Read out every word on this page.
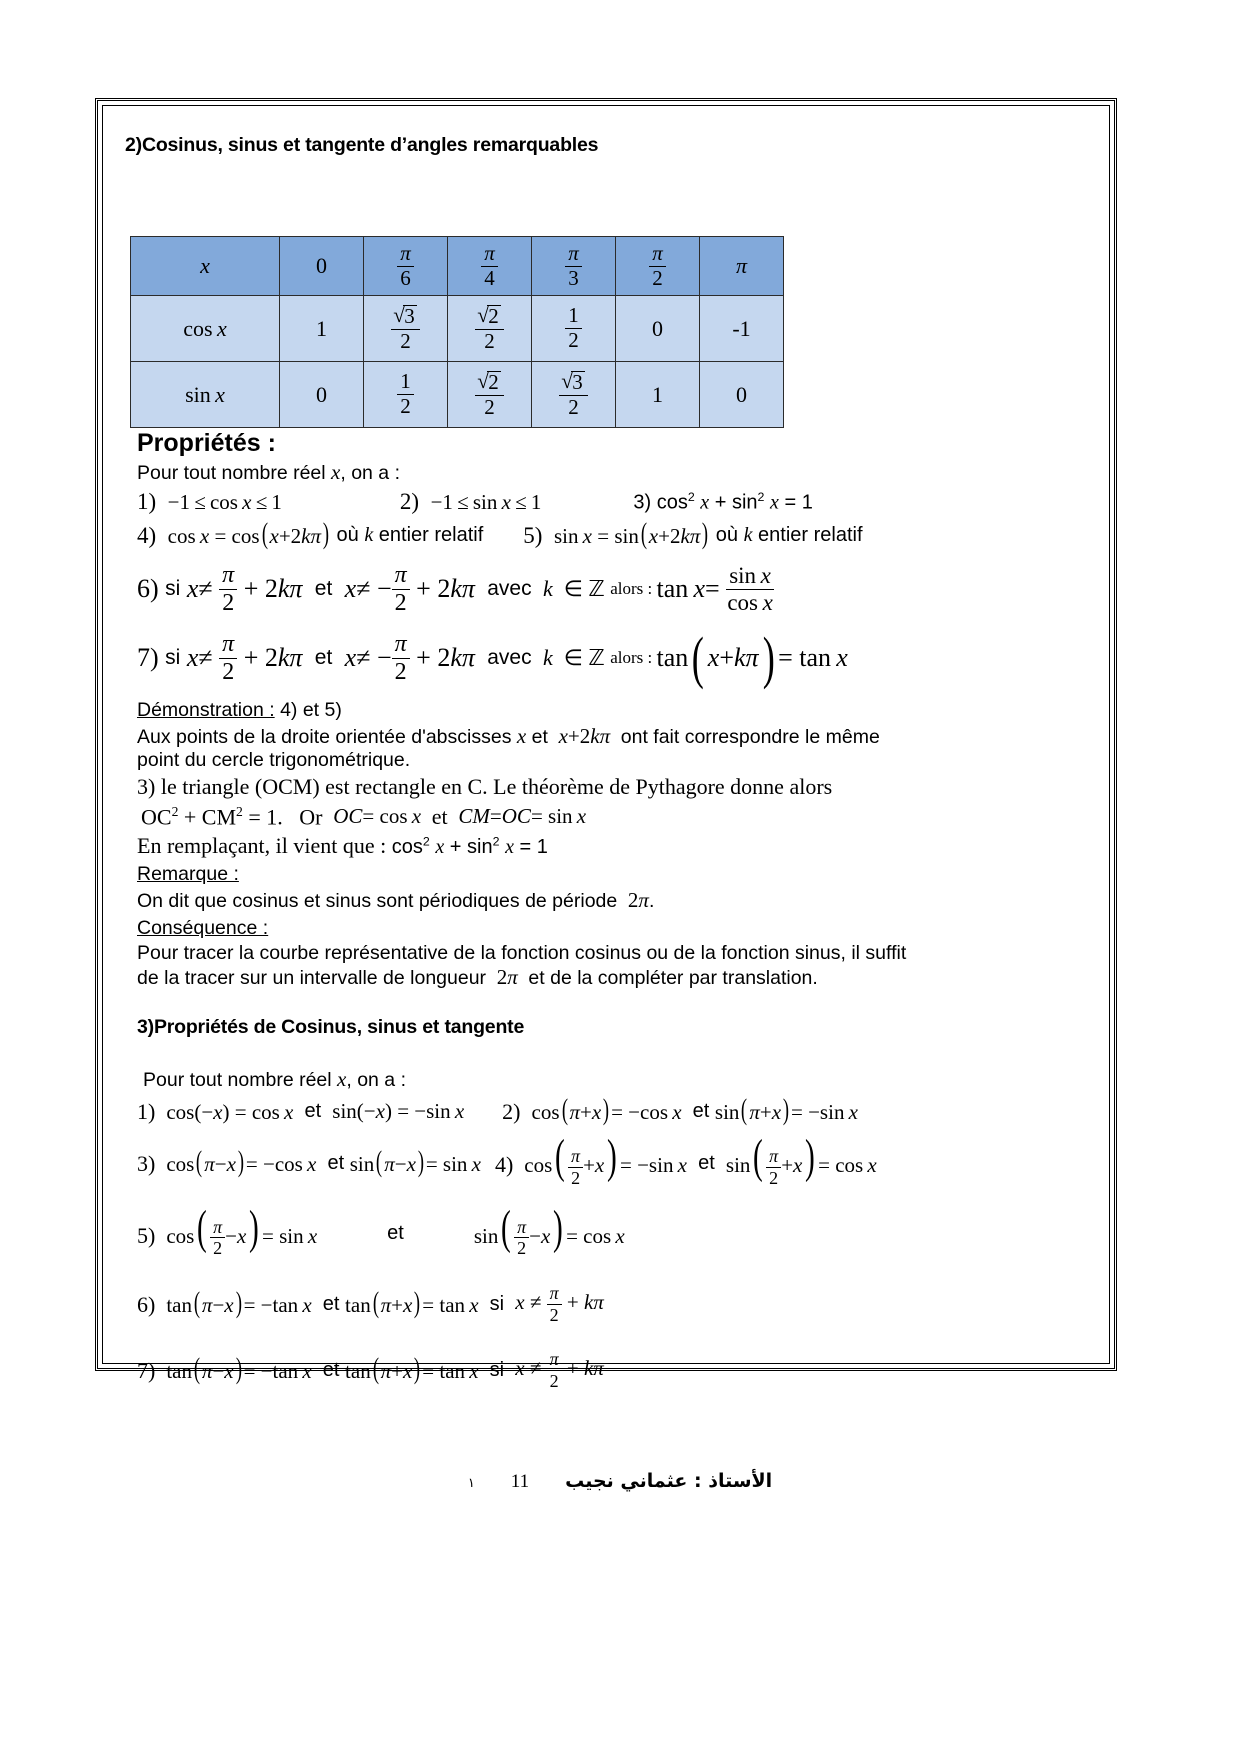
2)Cosinus, sinus et tangente d’angles remarquables
x	0	$\frac{\pi}{6}$	$\frac{\pi}{4}$	$\frac{\pi}{3}$	$\frac{\pi}{2}$	π
cos  x	1	√ $\frac{3}{2}$	√ $\frac{2}{2}$	$\frac{1}{2}$	0	-1
sin  x	0	$\frac{1}{2}$	√ $\frac{2}{2}$	√ $\frac{3}{2}$	1	0
Propriétés :
Pour tout nombre réel x, on a :
1) −1 ≤ cos x ≤ 1	2) −1 ≤ sin x ≤ 1	3) $\cos^2 x + \sin^2 x = 1$
4) cos x = cos(x+2kπ) où k entier relatif 5) sin x = sin(x+2kπ) où k entier relatif
6) si
$x \ne \frac{\pi}{2} + 2$ k π
et
x ≠ − $\frac{\pi}{2} + 2$ k π
avec k  ∈ ℤ alors : $\tan x = \frac{\text{sin x}}{\text{cos x}}$
7) si
$x \ne \frac{\pi}{2} + 2$ k π
et
x ≠ − $\frac{\pi}{2} + 2$ k π
avec k  ∈ ℤ alors : tan ( x + k π ) = tan  x
Démonstration : 4) et 5)
Aux points de la droite orientée d'abscisses x et x +2 k π ont fait correspondre le même
point du cercle trigonométrique.
3) le triangle (OCM) est rectangle en C. Le théorème de Pythagore donne alors
$OC^2 + CM^2 = 1$.   Or
OC = cos  x
et
CM = OC = sin  x
En remplaçant, il vient que : $\cos^2 x + \sin^2 x = 1$
Remarque :
On dit que cosinus et sinus sont périodiques de période  2 π .
Conséquence :
Pour tracer la courbe représentative de la fonction cosinus ou de la fonction sinus, il suffit
de la tracer sur un intervalle de longueur  2 π et de la compléter par translation.
3)Propriétés de Cosinus, sinus et tangente
Pour tout nombre réel x, on a :
1)  cos(−x) = cos x et sin(−x) = −sin x 2)  cos(π+x)= −cos x et sin(π+x)= −sin x
3)  cos(π−x)= −cos x et sin(π−x)= sin x 4)  $\cos( \frac{\pi}{2} +x) = -\sin$ x et $\sin( \frac{\pi}{2} +x) = \cos x$
5)  $\cos( \frac{\pi}{2} -x) = \sin x$	et	$\sin( \frac{\pi}{2} -x) = \cos x$
6)  tan(π−x)= −tan x et tan(π+x)= tan x si $x \ne \frac{\pi}{2} + k\pi$
7)  tan(π−x)= −tan x et tan(π+x)= tan x si $x \ne \frac{\pi}{2} + k\pi$
١ 11 الأستاذ : عثماني نجيب
